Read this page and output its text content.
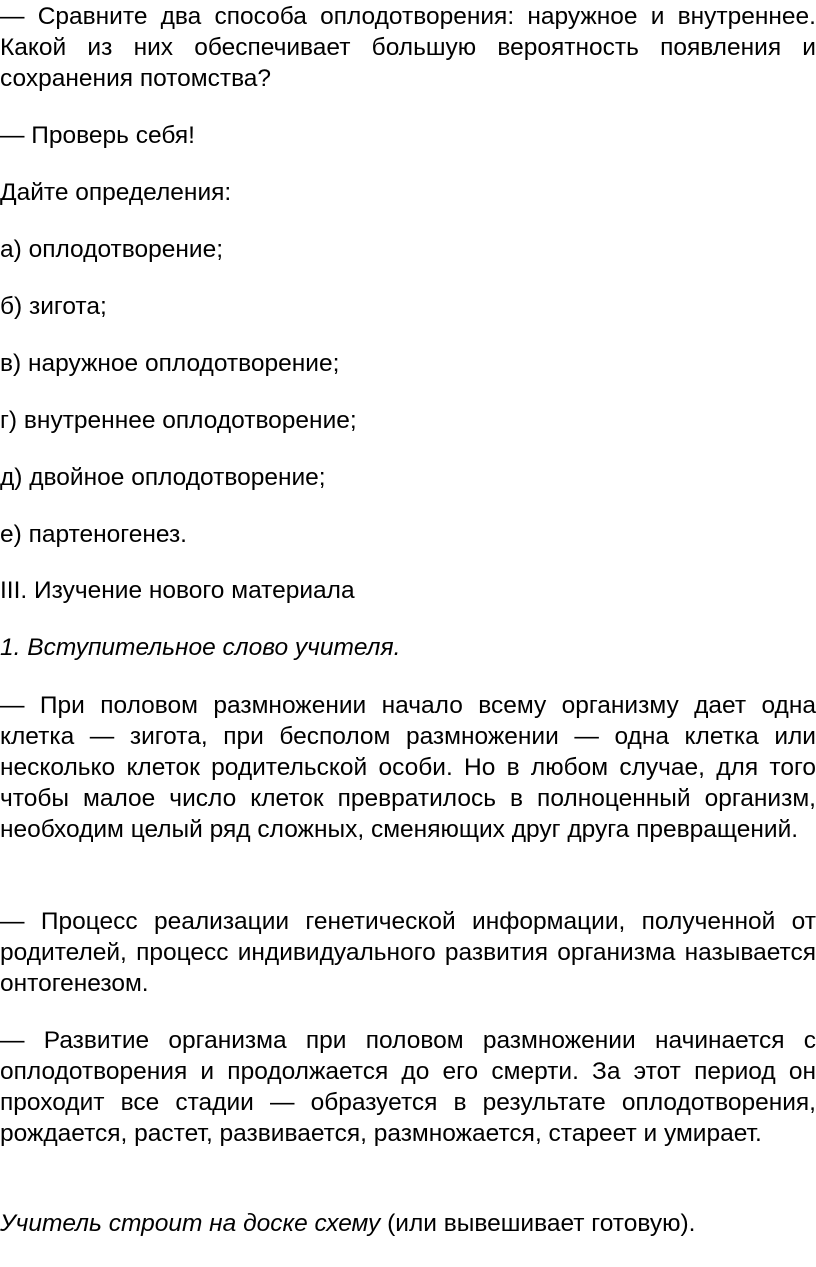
— Сравните два способа оплодотворения: наружное и внутреннее. Какой из них обеспечивает большую вероятность появления и сохранения потомства?

— Проверь себя!

Дайте определения:

а) оплодотворение;

б) зигота;

в) наружное оплодотворение;

г) внутреннее оплодотворение;

д) двойное оплодотворение;

е) партеногенез.

III. Изучение нового материала

1. Вступительное слово учителя.

— При половом размножении начало всему организму дает одна клетка — зигота, при бесполом размножении — одна клетка или несколько клеток родительской особи. Но в любом случае, для того чтобы малое число клеток превратилось в полноценный организм, необходим целый ряд сложных, сменяющих друг друга превращений.

— Процесс реализации генетической информации, полученной от родителей, процесс индивидуального развития организма называется онтогенезом.

— Развитие организма при половом размножении начинается с оплодотворения и продолжается до его смерти. За этот период он проходит все стадии — образуется в результате оплодотворения, рождается, растет, развивается, размножается, стареет и умирает.

Учитель строит на доске схему (или вывешивает готовую).
